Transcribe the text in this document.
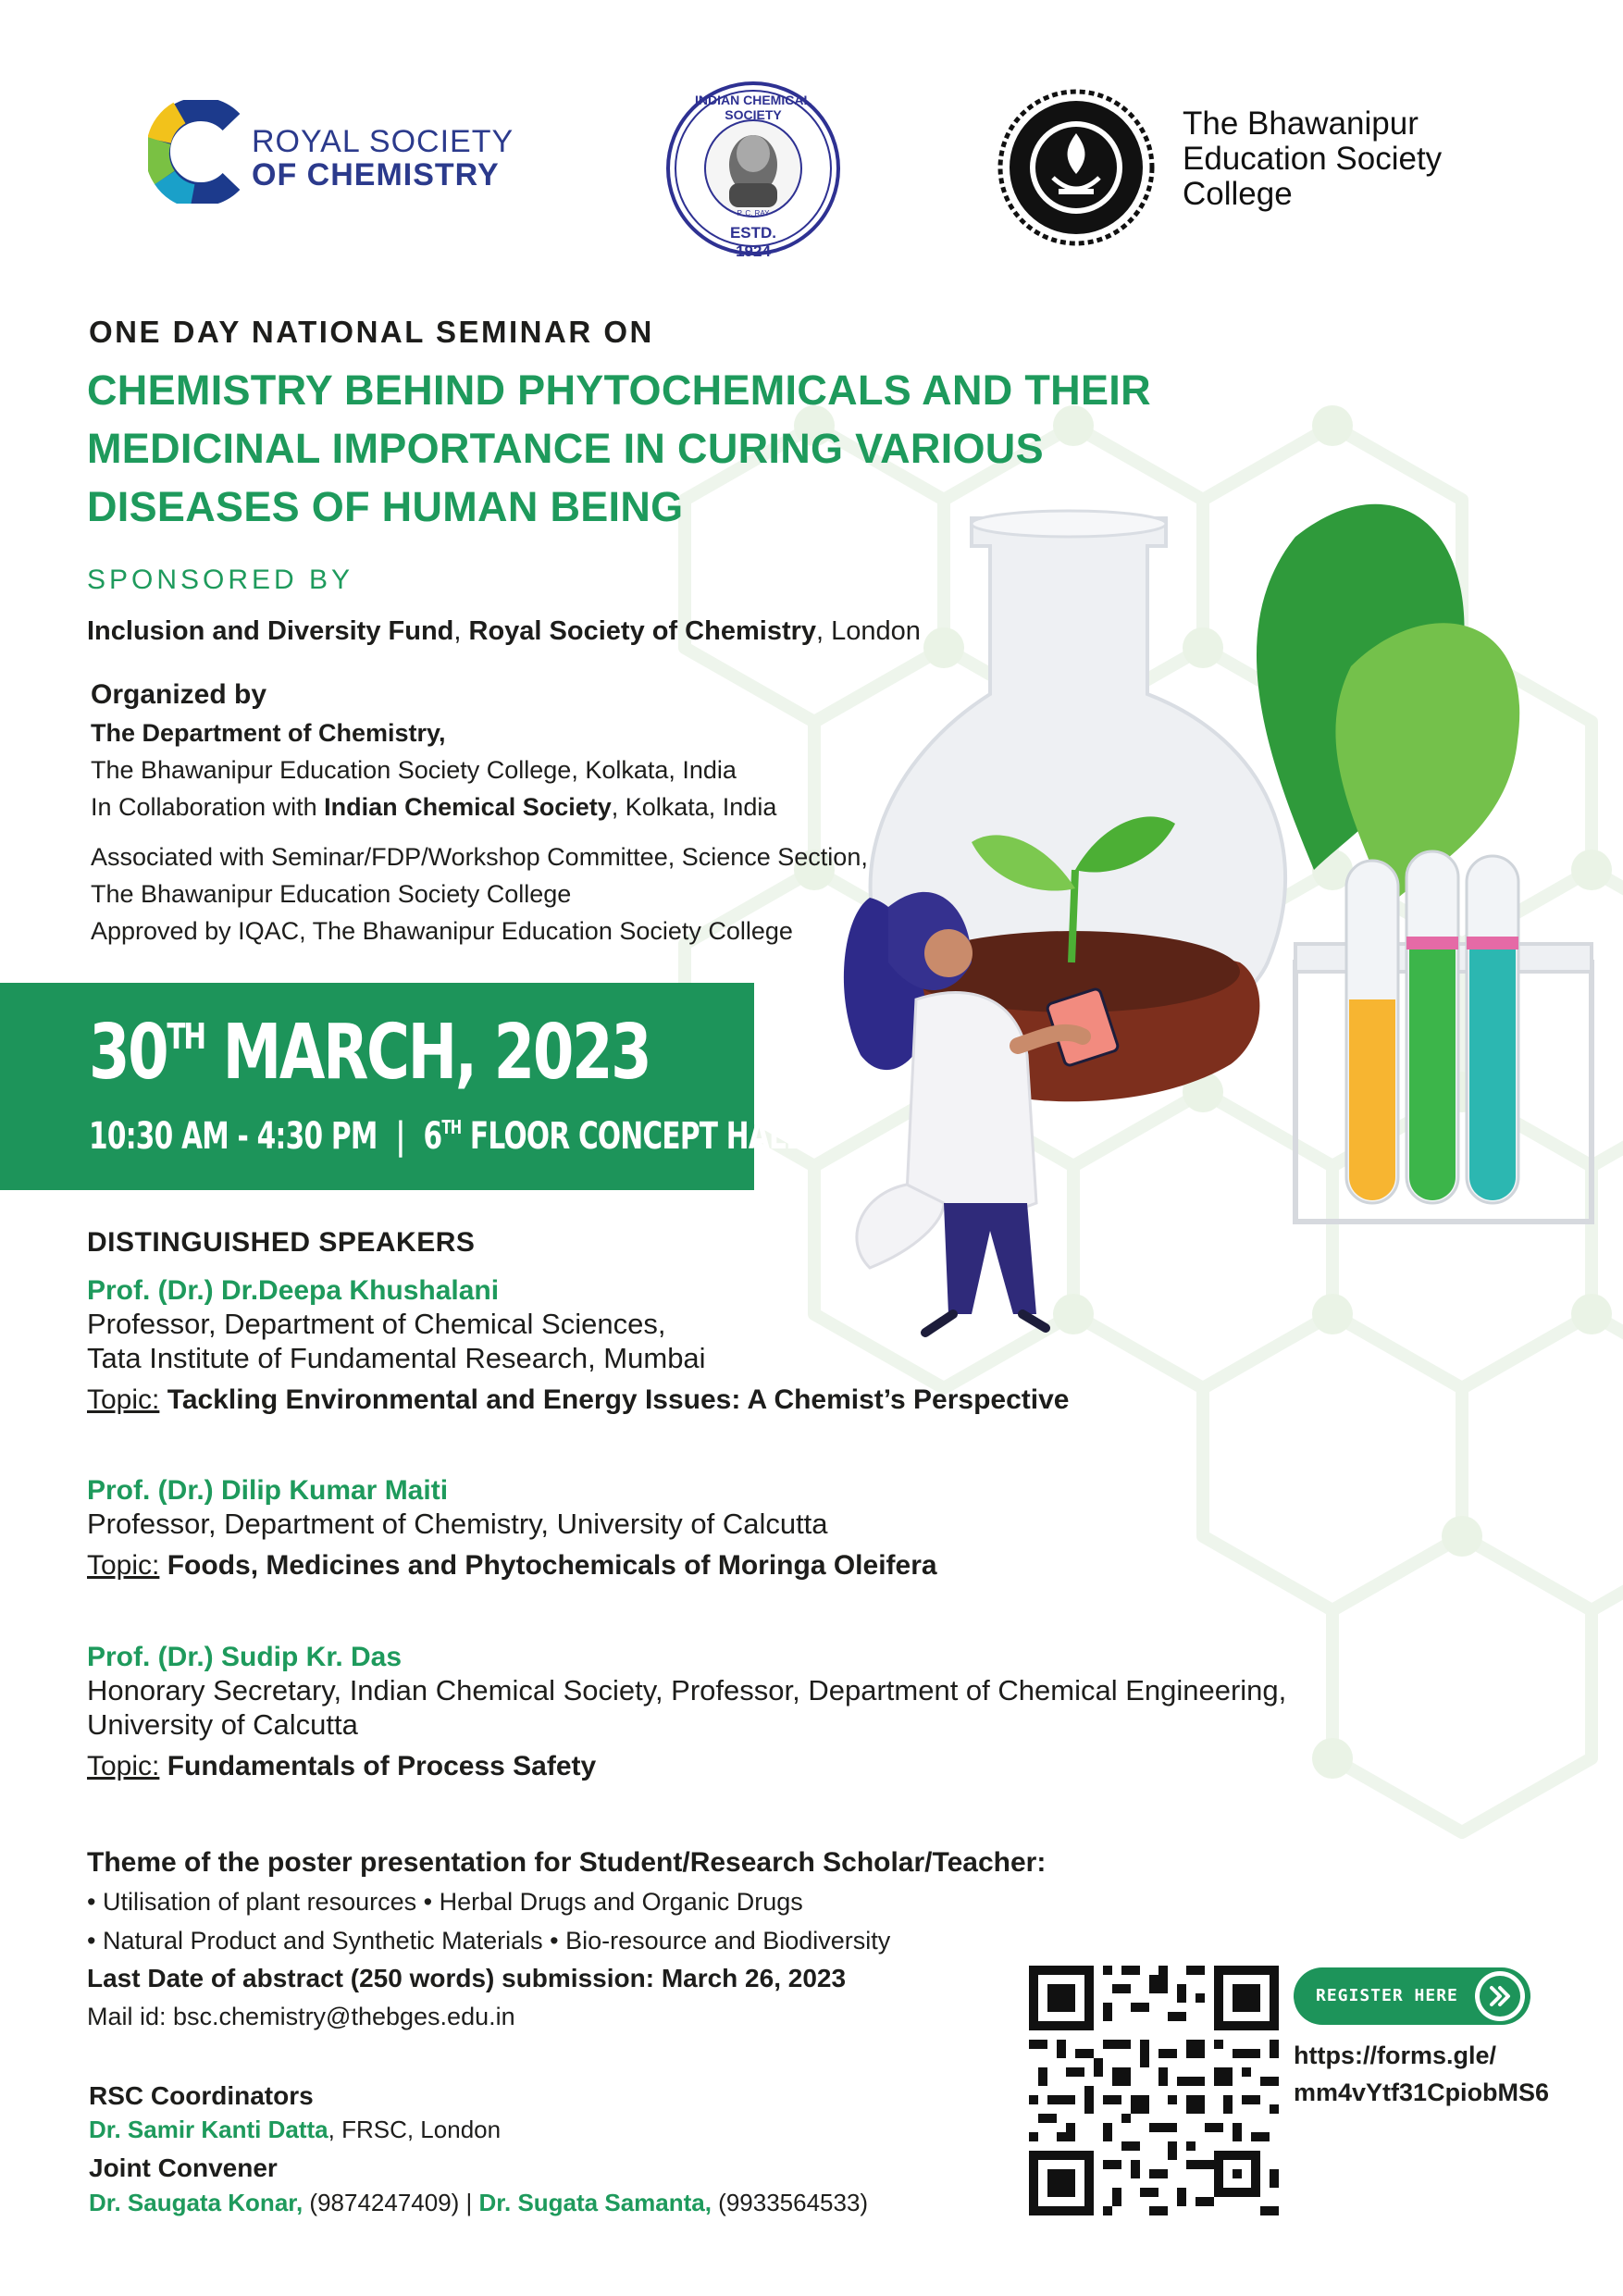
ROYAL SOCIETY
OF CHEMISTRY
INDIAN CHEMICAL SOCIETY
P. C. RAY
ESTD. 1924
The Bhawanipur
Education Society
College
ONE DAY NATIONAL SEMINAR ON
CHEMISTRY BEHIND PHYTOCHEMICALS AND THEIR
MEDICINAL IMPORTANCE IN CURING VARIOUS
DISEASES OF HUMAN BEING
SPONSORED BY
Inclusion and Diversity Fund, Royal Society of Chemistry, London
Organized by
The Department of Chemistry,
The Bhawanipur Education Society College, Kolkata, India
In Collaboration with Indian Chemical Society, Kolkata, India
Associated with Seminar/FDP/Workshop Committee, Science Section,
The Bhawanipur Education Society College
Approved by IQAC, The Bhawanipur Education Society College
30TH MARCH, 2023
10:30 AM - 4:30 PM | 6TH FLOOR CONCEPT HALL
DISTINGUISHED SPEAKERS
Prof. (Dr.) Dr.Deepa Khushalani
Professor, Department of Chemical Sciences,
Tata Institute of Fundamental Research, Mumbai
Topic: Tackling Environmental and Energy Issues: A Chemist’s Perspective
Prof. (Dr.) Dilip Kumar Maiti
Professor, Department of Chemistry, University of Calcutta
Topic: Foods, Medicines and Phytochemicals of Moringa Oleifera
Prof. (Dr.) Sudip Kr. Das
Honorary Secretary, Indian Chemical Society, Professor, Department of Chemical Engineering,
University of Calcutta
Topic: Fundamentals of Process Safety
Theme of the poster presentation for Student/Research Scholar/Teacher:
• Utilisation of plant resources • Herbal Drugs and Organic Drugs
• Natural Product and Synthetic Materials • Bio-resource and Biodiversity
Last Date of abstract (250 words) submission: March 26, 2023
Mail id: bsc.chemistry@thebges.edu.in
RSC Coordinators
Dr. Samir Kanti Datta, FRSC, London
Joint Convener
Dr. Saugata Konar, (9874247409) | Dr. Sugata Samanta, (9933564533)
REGISTER HERE
https://forms.gle/
mm4vYtf31CpiobMS6
